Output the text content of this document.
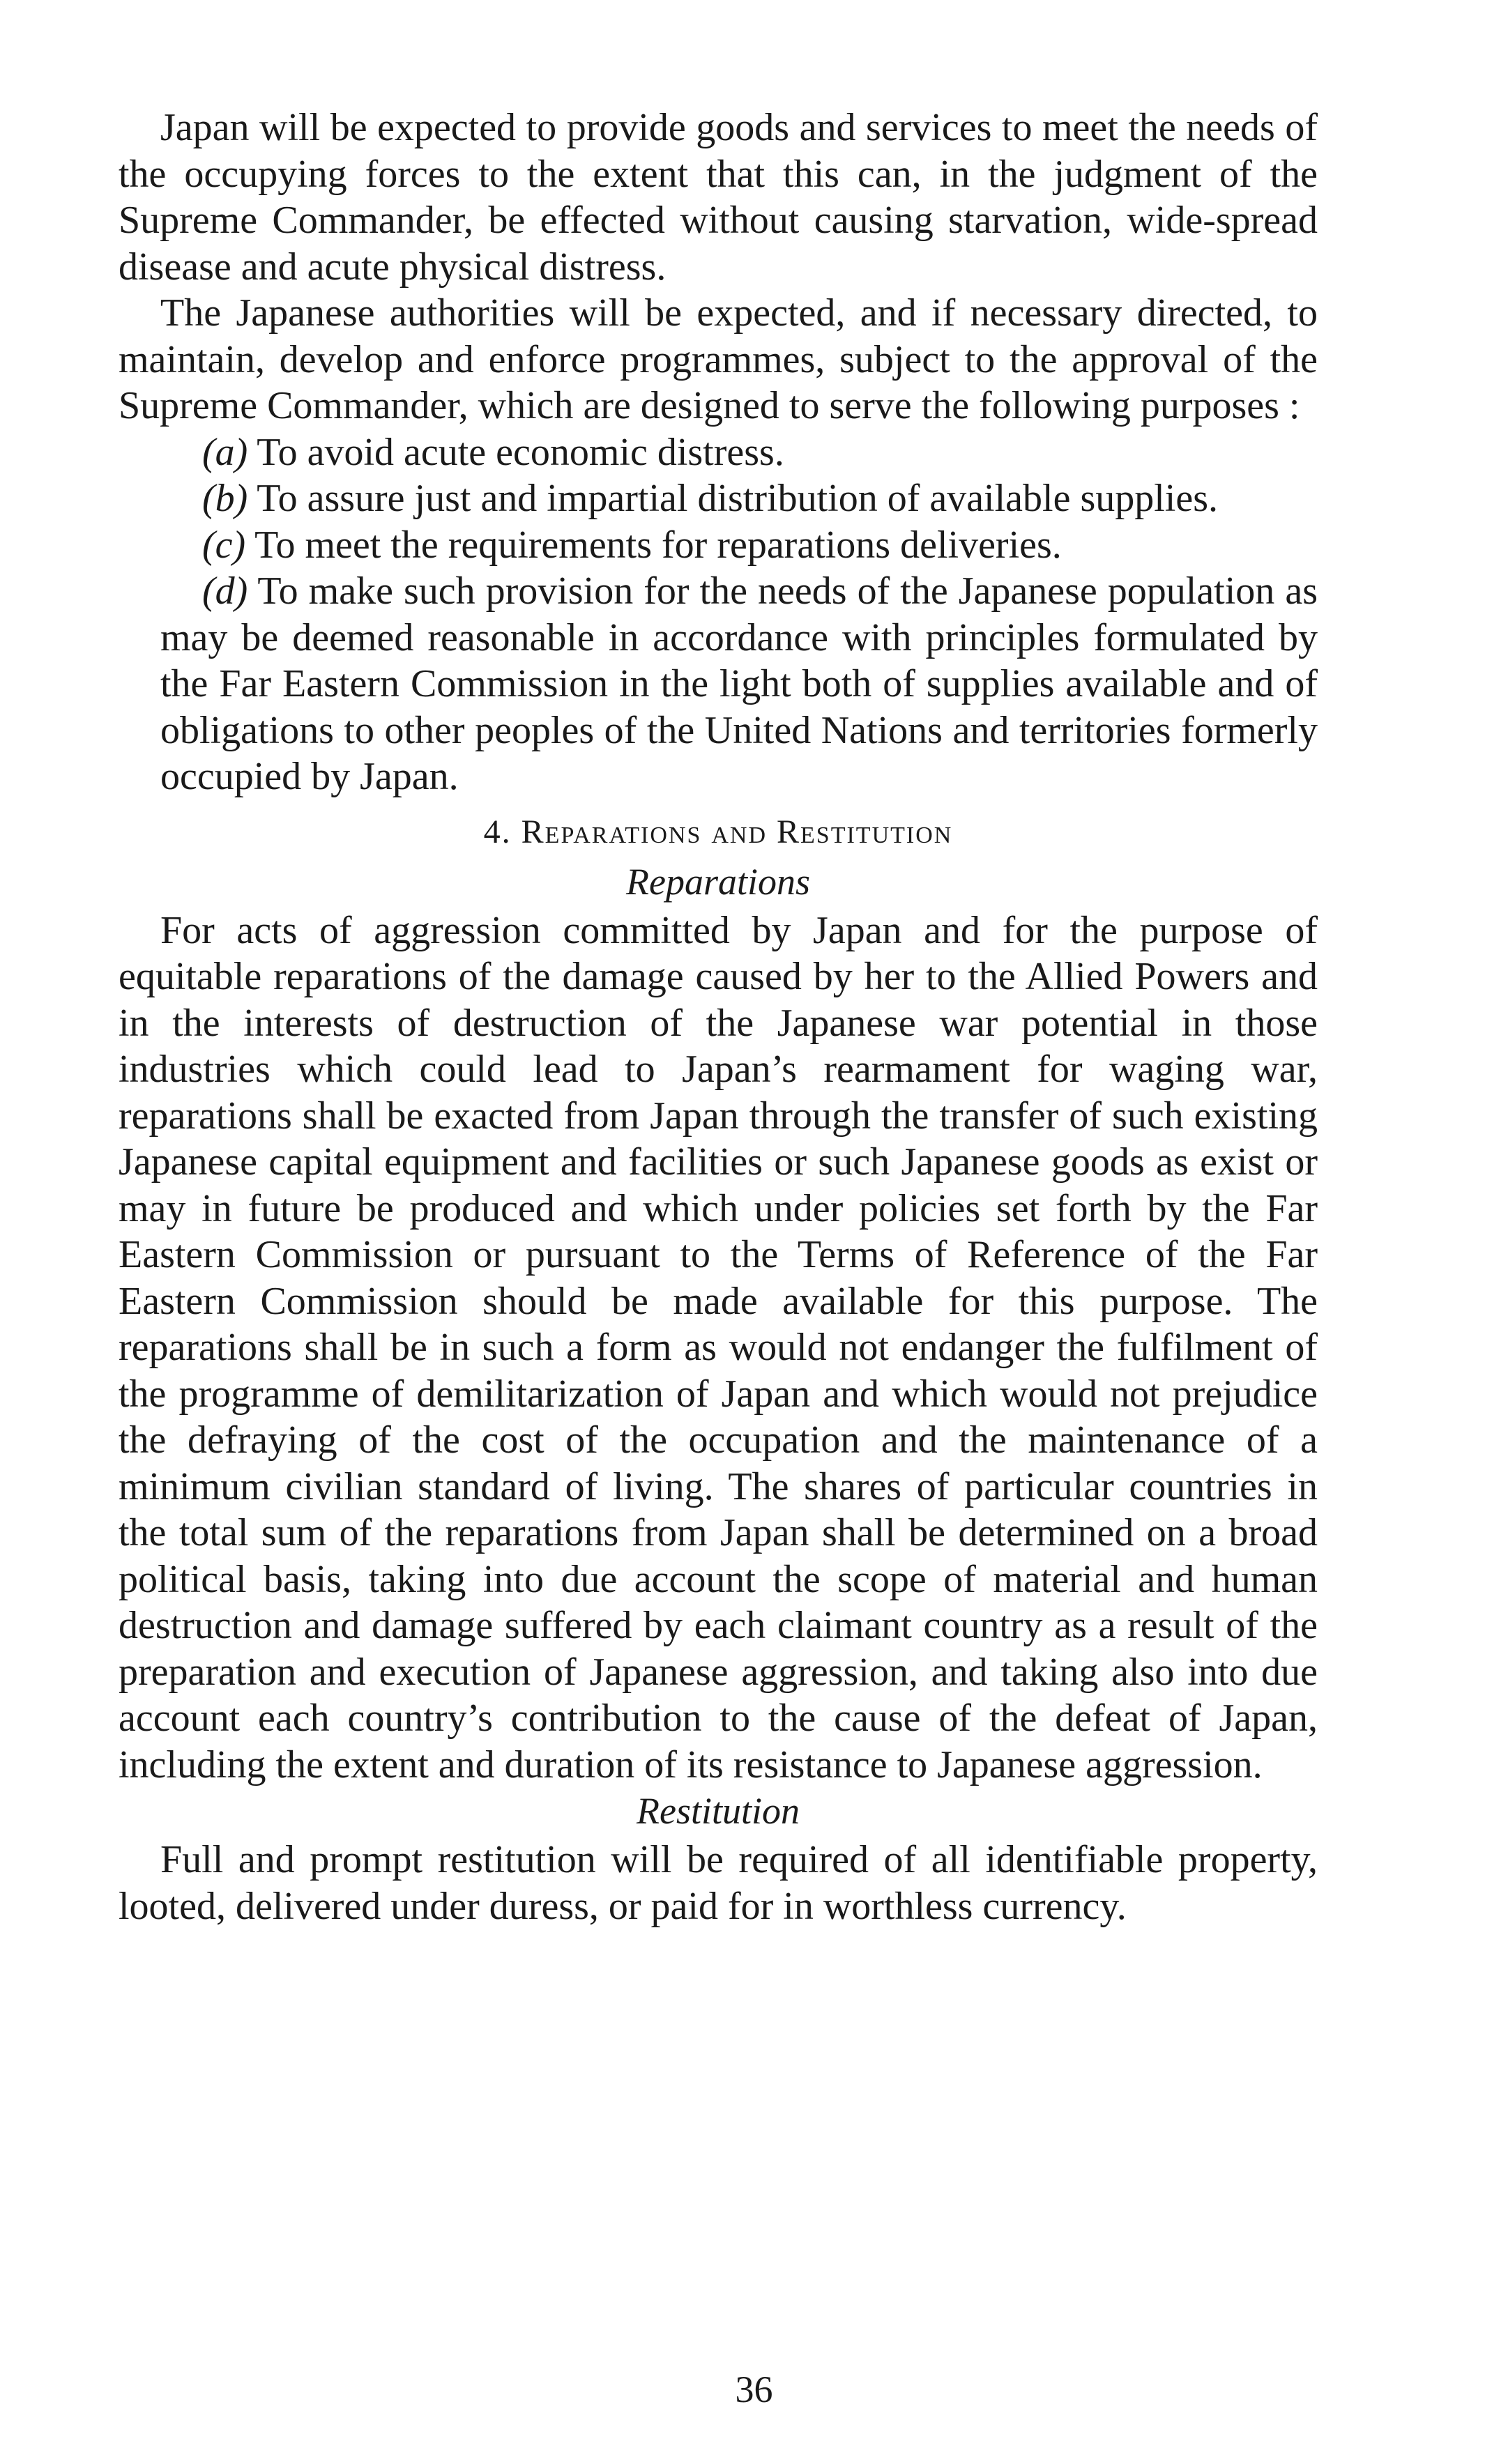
Japan will be expected to provide goods and services to meet the needs of the occupying forces to the extent that this can, in the judgment of the Supreme Commander, be effected without causing starvation, wide-spread disease and acute physical distress.

The Japanese authorities will be expected, and if necessary directed, to maintain, develop and enforce programmes, subject to the approval of the Supreme Commander, which are designed to serve the following purposes :

(a) To avoid acute economic distress.

(b) To assure just and impartial distribution of available supplies.

(c) To meet the requirements for reparations deliveries.

(d) To make such provision for the needs of the Japanese population as may be deemed reasonable in accordance with principles formulated by the Far Eastern Commission in the light both of supplies available and of obligations to other peoples of the United Nations and territories formerly occupied by Japan.

4. Reparations and Restitution
Reparations

For acts of aggression committed by Japan and for the purpose of equitable reparations of the damage caused by her to the Allied Powers and in the interests of destruction of the Japanese war potential in those industries which could lead to Japan’s rearmament for waging war, reparations shall be exacted from Japan through the transfer of such existing Japanese capital equipment and facilities or such Japanese goods as exist or may in future be produced and which under policies set forth by the Far Eastern Commission or pursuant to the Terms of Reference of the Far Eastern Commission should be made available for this purpose. The reparations shall be in such a form as would not endanger the fulfilment of the programme of demilitarization of Japan and which would not prejudice the defraying of the cost of the occupation and the maintenance of a minimum civilian standard of living. The shares of particular countries in the total sum of the reparations from Japan shall be determined on a broad political basis, taking into due account the scope of material and human destruction and damage suffered by each claimant country as a result of the preparation and execution of Japanese aggression, and taking also into due account each country’s contribution to the cause of the defeat of Japan, including the extent and duration of its resistance to Japanese aggression.

Restitution

Full and prompt restitution will be required of all identifiable property, looted, delivered under duress, or paid for in worthless currency.

36
